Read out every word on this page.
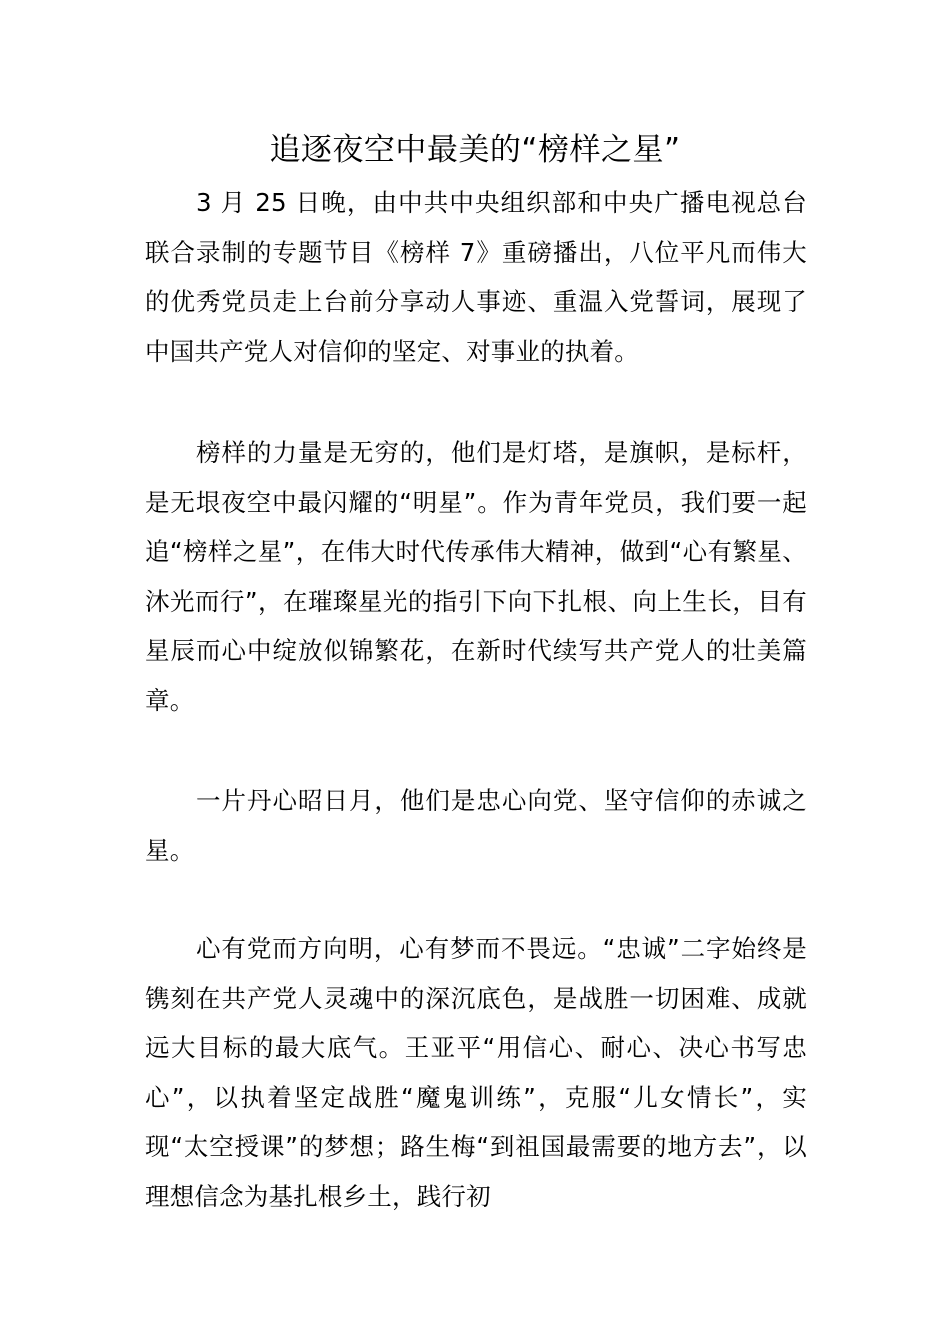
追逐夜空中最美的“榜样之星”

3 月 25 日晚，由中共中央组织部和中央广播电视总台联合录制的专题节目《榜样 7》重磅播出，八位平凡而伟大的优秀党员走上台前分享动人事迹、重温入党誓词，展现了中国共产党人对信仰的坚定、对事业的执着。

榜样的力量是无穷的，他们是灯塔，是旗帜，是标杆，是无垠夜空中最闪耀的“明星”。作为青年党员，我们要一起追“榜样之星”，在伟大时代传承伟大精神，做到“心有繁星、沐光而行”，在璀璨星光的指引下向下扎根、向上生长，目有星辰而心中绽放似锦繁花，在新时代续写共产党人的壮美篇章。

一片丹心昭日月，他们是忠心向党、坚守信仰的赤诚之星。

心有党而方向明，心有梦而不畏远。“忠诚”二字始终是镌刻在共产党人灵魂中的深沉底色，是战胜一切困难、成就远大目标的最大底气。王亚平“用信心、耐心、决心书写忠心”，以执着坚定战胜“魔鬼训练”，克服“儿女情长”，实现“太空授课”的梦想；路生梅“到祖国最需要的地方去”，以理想信念为基扎根乡土，践行初
